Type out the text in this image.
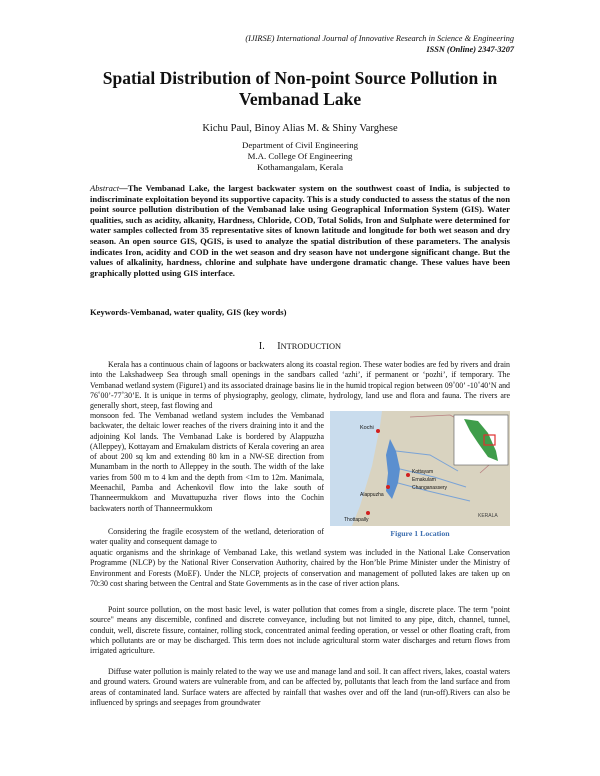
(IJIRSE) International Journal of Innovative Research in Science & Engineering
ISSN (Online) 2347-3207
Spatial Distribution of Non-point Source Pollution in Vembanad Lake
Kichu Paul, Binoy Alias M. & Shiny Varghese
Department of Civil Engineering
M.A. College Of Engineering
Kothamangalam, Kerala
Abstract—The Vembanad Lake, the largest backwater system on the southwest coast of India, is subjected to indiscriminate exploitation beyond its supportive capacity. This is a study conducted to assess the status of the non point source pollution distribution of the Vembanad lake using Geographical Information System (GIS). Water qualities, such as acidity, alkanity, Hardness, Chloride, COD, Total Solids, Iron and Sulphate were determined for water samples collected from 35 representative sites of known latitude and longitude for both wet season and dry season. An open source GIS, QGIS, is used to analyze the spatial distribution of these parameters. The analysis indicates Iron, acidity and COD in the wet season and dry season have not undergone significant change. But the values of alkalinity, hardness, chlorine and sulphate have undergone dramatic change. These values have been graphically plotted using GIS interface.
Keywords-Vembanad, water quality, GIS (key words)
I. INTRODUCTION

Kerala has a continuous chain of lagoons or backwaters along its coastal region. These water bodies are fed by rivers and drain into the Lakshadweep Sea through small openings in the sandbars called ‘azhi’, if permanent or ‘pozhi’, if temporary. The Vembanad wetland system (Figure1) and its associated drainage basins lie in the humid tropical region between 09˚00’ -10˚40’N and 76˚00’-77˚30’E. It is unique in terms of physiography, geology, climate, hydrology, land use and flora and fauna. The rivers are generally short, steep, fast flowing and

monsoon fed. The Vembanad wetland system includes the Vembanad backwater, the deltaic lower reaches of the rivers draining into it and the adjoining Kol lands. The Vembanad Lake is bordered by Alappuzha (Alleppey), Kottayam and Ernakulam districts of Kerala covering an area of about 200 sq km and extending 80 km in a NW-SE direction from Munambam in the north to Alleppey in the south. The width of the lake varies from 500 m to 4 km and the depth from <1m to 12m. Manimala, Meenachil, Pamba and Achenkovil flow into the lake south of Thanneermukkom and Muvattupuzha river flows into the Cochin backwaters north of Thanneermukkom

Considering the fragile ecosystem of the wetland, deterioration of water quality and consequent damage to

aquatic organisms and the shrinkage of Vembanad Lake, this wetland system was included in the National Lake Conservation Programme (NLCP) by the National River Conservation Authority, chaired by the Hon’ble Prime Minister under the Ministry of Environment and Forests (MoEF). Under the NLCP, projects of conservation and management of polluted lakes are taken up on 70:30 cost sharing between the Central and State Governments as in the case of river action plans.

Point source pollution, on the most basic level, is water pollution that comes from a single, discrete place. The term "point source" means any discernible, confined and discrete conveyance, including but not limited to any pipe, ditch, channel, tunnel, conduit, well, discrete fissure, container, rolling stock, concentrated animal feeding operation, or vessel or other floating craft, from which pollutants are or may be discharged. This term does not include agricultural storm water discharges and return flows from irrigated agriculture.

Diffuse water pollution is mainly related to the way we use and manage land and soil. It can affect rivers, lakes, coastal waters and ground waters. Ground waters are vulnerable from, and can be affected by, pollutants that leach from the land surface and from areas of contaminated land. Surface waters are affected by rainfall that washes over and off the land (run-off).Rivers can also be influenced by springs and seepages from groundwater

Kochi
Kottayam
Ernakulam
Changanassery
Alappuzha
Thottapally
KERALA
Figure 1 Location
